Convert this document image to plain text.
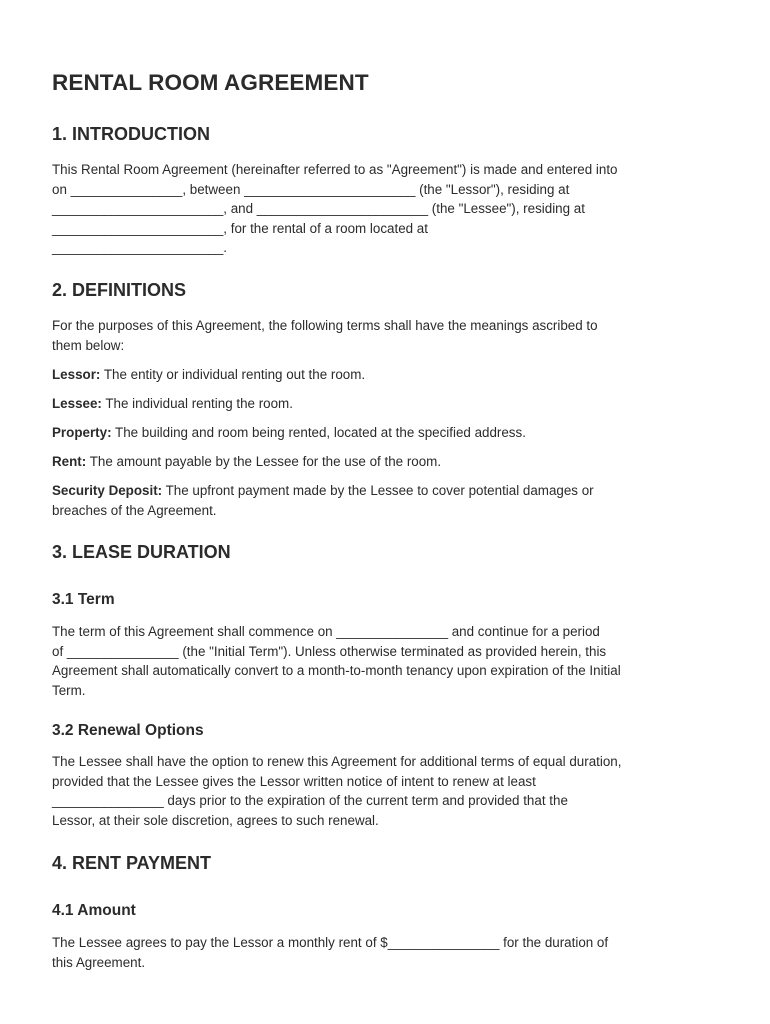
RENTAL ROOM AGREEMENT
1. INTRODUCTION

This Rental Room Agreement (hereinafter referred to as "Agreement") is made and entered into
on _______________, between _______________________ (the "Lessor"), residing at
_______________________, and _______________________ (the "Lessee"), residing at
_______________________, for the rental of a room located at
_______________________.

2. DEFINITIONS

For the purposes of this Agreement, the following terms shall have the meanings ascribed to
them below:

Lessor: The entity or individual renting out the room.

Lessee: The individual renting the room.

Property: The building and room being rented, located at the specified address.

Rent: The amount payable by the Lessee for the use of the room.

Security Deposit: The upfront payment made by the Lessee to cover potential damages or
breaches of the Agreement.

3. LEASE DURATION
3.1 Term

The term of this Agreement shall commence on _______________ and continue for a period
of _______________ (the "Initial Term"). Unless otherwise terminated as provided herein, this
Agreement shall automatically convert to a month-to-month tenancy upon expiration of the Initial
Term.

3.2 Renewal Options

The Lessee shall have the option to renew this Agreement for additional terms of equal duration,
provided that the Lessee gives the Lessor written notice of intent to renew at least
_______________ days prior to the expiration of the current term and provided that the
Lessor, at their sole discretion, agrees to such renewal.

4. RENT PAYMENT
4.1 Amount

The Lessee agrees to pay the Lessor a monthly rent of $_______________ for the duration of
this Agreement.
